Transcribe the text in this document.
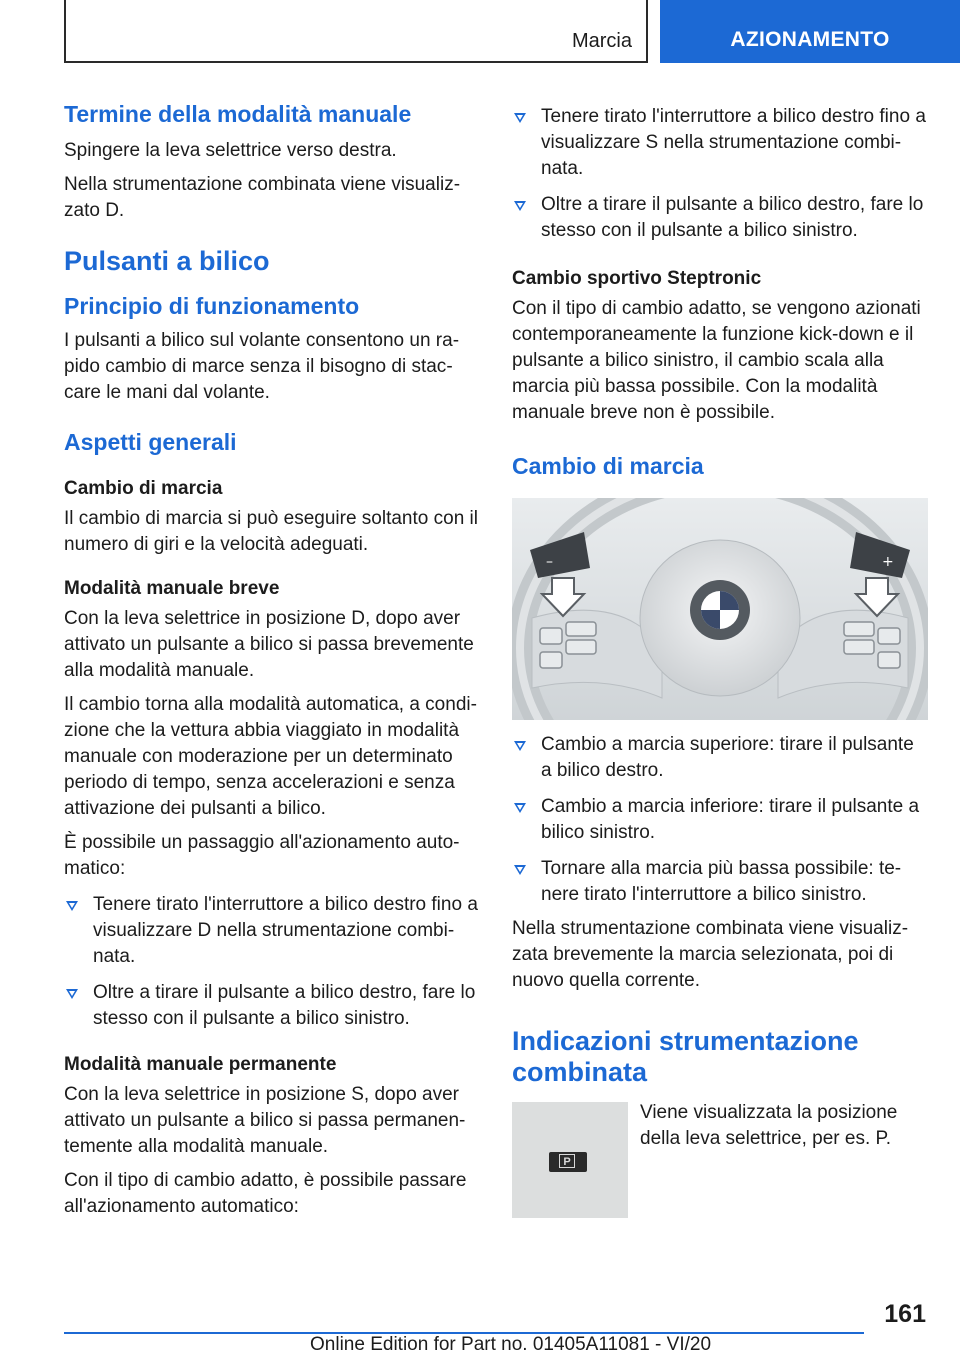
Marcia	AZIONAMENTO
Termine della modalità manuale

Spingere la leva selettrice verso destra.

Nella strumentazione combinata viene visualizzato D.

Pulsanti a bilico
Principio di funzionamento

I pulsanti a bilico sul volante consentono un rapido cambio di marce senza il bisogno di staccare le mani dal volante.

Aspetti generali
Cambio di marcia

Il cambio di marcia si può eseguire soltanto con il numero di giri e la velocità adeguati.

Modalità manuale breve

Con la leva selettrice in posizione D, dopo aver attivato un pulsante a bilico si passa brevemente alla modalità manuale.

Il cambio torna alla modalità automatica, a condizione che la vettura abbia viaggiato in modalità manuale con moderazione per un determinato periodo di tempo, senza accelerazioni e senza attivazione dei pulsanti a bilico.

È possibile un passaggio all'azionamento automatico:

Tenere tirato l'interruttore a bilico destro fino a visualizzare D nella strumentazione combinata.
Oltre a tirare il pulsante a bilico destro, fare lo stesso con il pulsante a bilico sinistro.
Modalità manuale permanente

Con la leva selettrice in posizione S, dopo aver attivato un pulsante a bilico si passa permanentemente alla modalità manuale.

Con il tipo di cambio adatto, è possibile passare all'azionamento automatico:

Tenere tirato l'interruttore a bilico destro fino a visualizzare S nella strumentazione combinata.
Oltre a tirare il pulsante a bilico destro, fare lo stesso con il pulsante a bilico sinistro.
Cambio sportivo Steptronic

Con il tipo di cambio adatto, se vengono azionati contemporaneamente la funzione kick-down e il pulsante a bilico sinistro, il cambio scala alla marcia più bassa possibile. Con la modalità manuale breve non è possibile.

Cambio di marcia
–	+
Cambio a marcia superiore: tirare il pulsante a bilico destro.
Cambio a marcia inferiore: tirare il pulsante a bilico sinistro.
Tornare alla marcia più bassa possibile: tenere tirato l'interruttore a bilico sinistro.

Nella strumentazione combinata viene visualizzata brevemente la marcia selezionata, poi di nuovo quella corrente.

Indicazioni strumentazione combinata
P

Viene visualizzata la posizione della leva selettrice, per es. P.

161
Online Edition for Part no. 01405A11081 - VI/20
